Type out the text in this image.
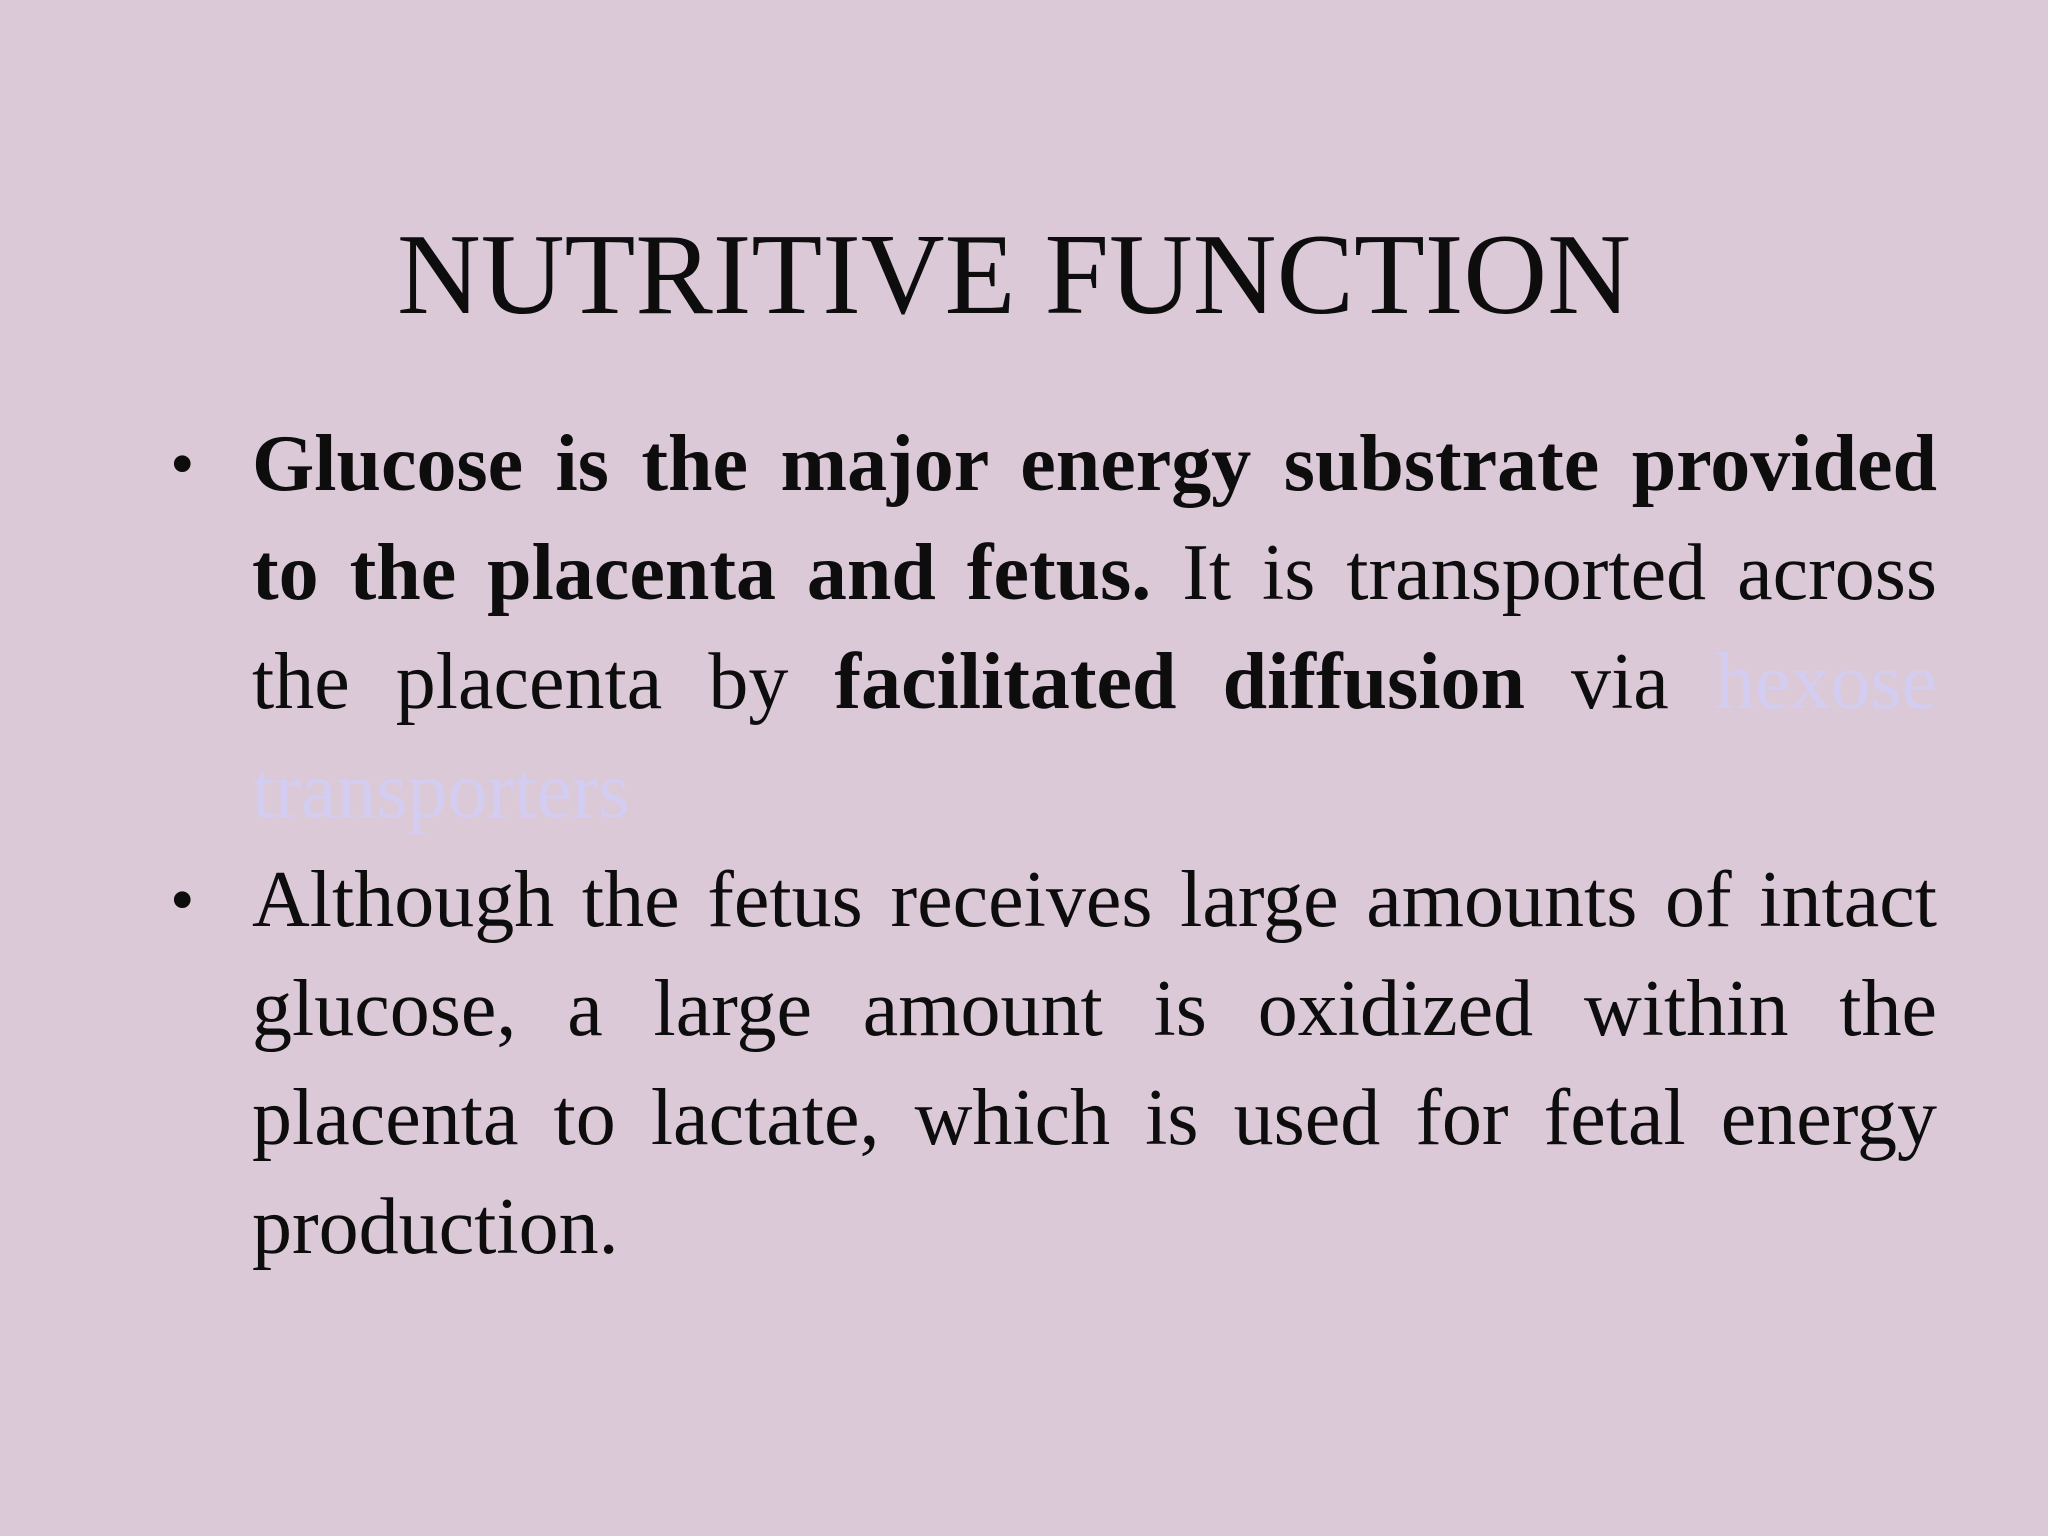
NUTRITIVE FUNCTION
• Glucose is the major energy substrate provided to the placenta and fetus. It is transported across the placenta by facilitated diffusion via hexose transporters
• Although the fetus receives large amounts of intact glucose, a large amount is oxidized within the placenta to lactate, which is used for fetal energy production.
